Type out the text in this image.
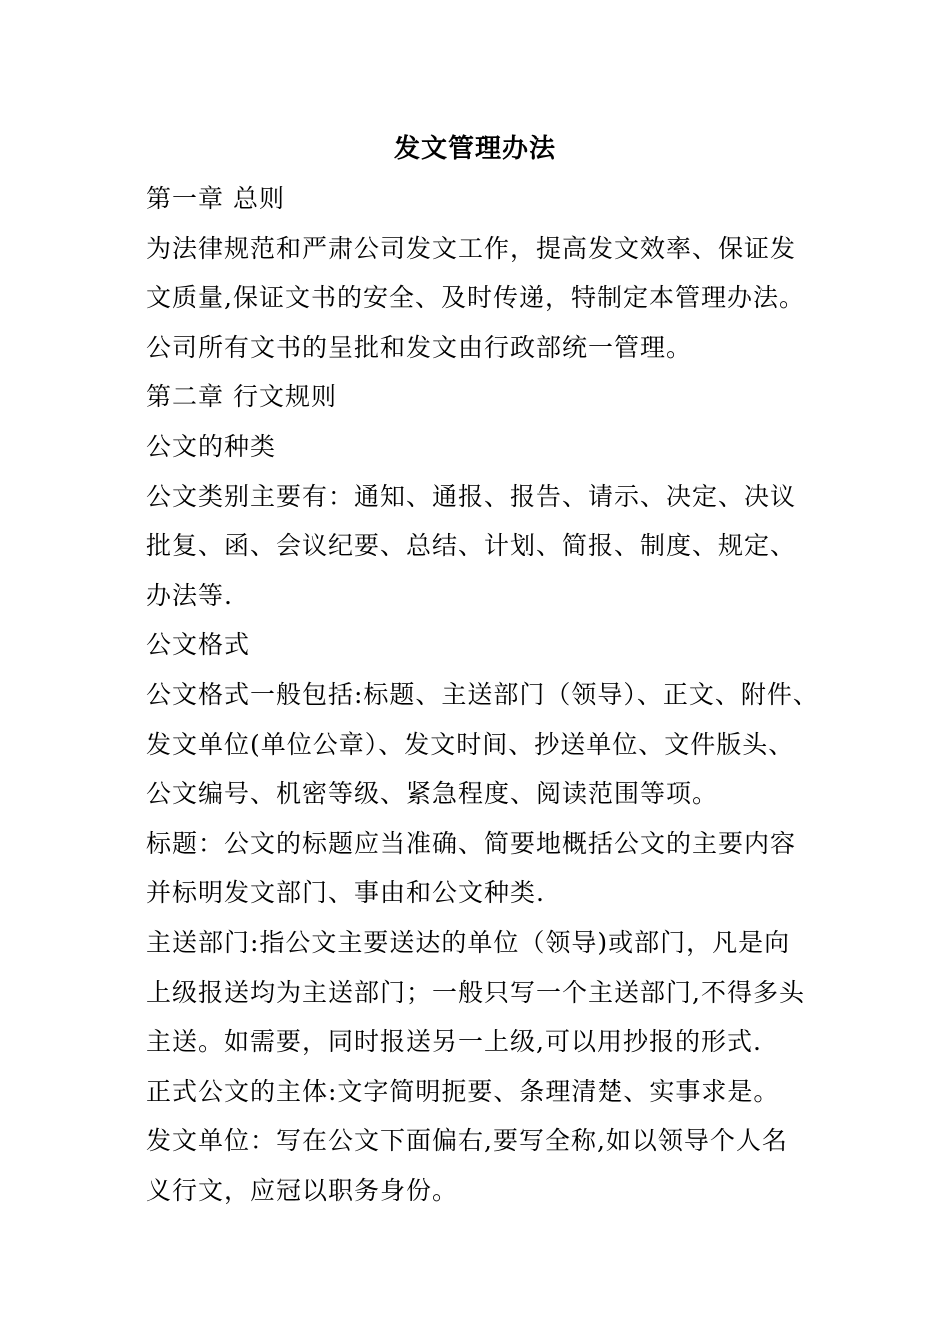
发文管理办法
第一章 总则
为法律规范和严肃公司发文工作，提高发文效率、保证发
文质量,保证文书的安全、及时传递，特制定本管理办法。
公司所有文书的呈批和发文由行政部统一管理。
第二章 行文规则
公文的种类
公文类别主要有：通知、通报、报告、请示、决定、决议
批复、函、会议纪要、总结、计划、简报、制度、规定、
办法等.
公文格式
公文格式一般包括:标题、主送部门（领导）、正文、附件、
发文单位(单位公章）、发文时间、抄送单位、文件版头、
公文编号、机密等级、紧急程度、阅读范围等项。
标题：公文的标题应当准确、简要地概括公文的主要内容
并标明发文部门、事由和公文种类.
主送部门:指公文主要送达的单位（领导)或部门，凡是向
上级报送均为主送部门；一般只写一个主送部门,不得多头
主送。如需要，同时报送另一上级,可以用抄报的形式.
正式公文的主体:文字简明扼要、条理清楚、实事求是。
发文单位：写在公文下面偏右,要写全称,如以领导个人名
义行文，应冠以职务身份。
